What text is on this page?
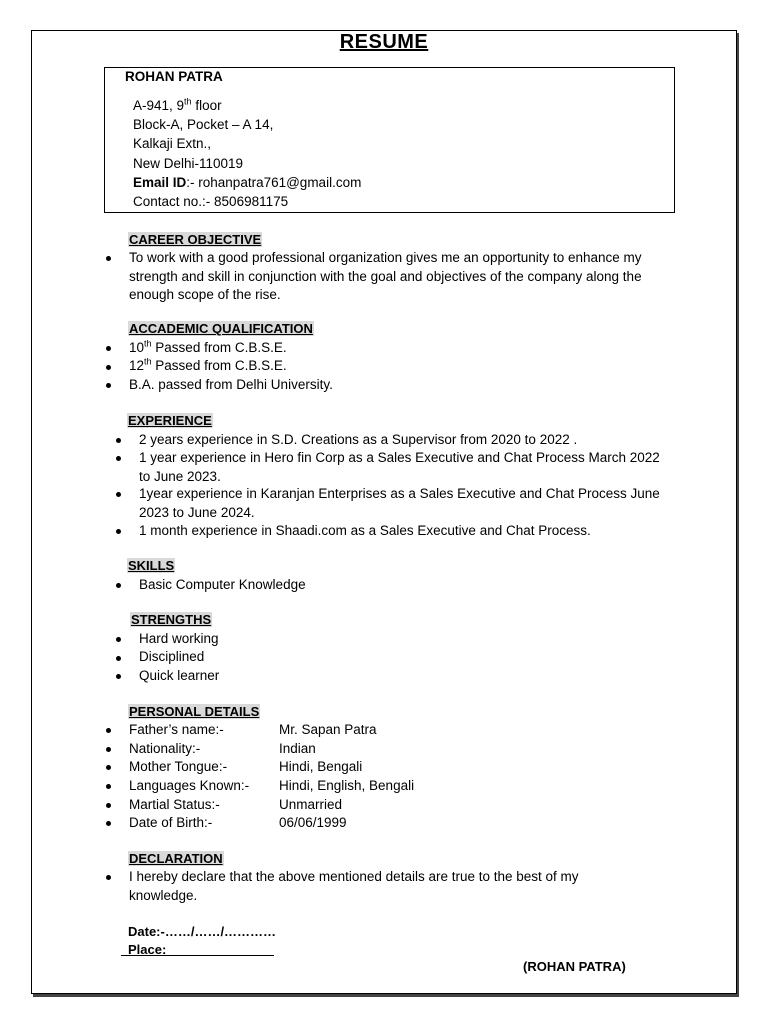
RESUME
ROHAN PATRA
A-941, 9th floor
Block-A, Pocket – A 14,
Kalkaji Extn.,
New Delhi-110019
Email ID:- rohanpatra761@gmail.com
Contact no.:- 8506981175
CAREER OBJECTIVE
To work with a good professional organization gives me an opportunity to enhance my
strength and skill in conjunction with the goal and objectives of the company along the
enough scope of the rise.
ACCADEMIC QUALIFICATION
10th Passed from C.B.S.E.
12th Passed from C.B.S.E.
B.A. passed from Delhi University.
EXPERIENCE
2 years experience in S.D. Creations as a Supervisor from 2020 to 2022 .
1 year experience in Hero fin Corp as a Sales Executive and Chat Process March 2022
to June 2023.
1year experience in Karanjan Enterprises as a Sales Executive and Chat Process June
2023 to June 2024.
1 month experience in Shaadi.com as a Sales Executive and Chat Process.
SKILLS
Basic Computer Knowledge
STRENGTHS
Hard working
Disciplined
Quick learner
PERSONAL DETAILS
Father’s name:-	Mr. Sapan Patra
Nationality:-	Indian
Mother Tongue:-	Hindi, Bengali
Languages Known:- Hindi, English, Bengali
Martial Status:-	Unmarried
Date of Birth:-	06/06/1999
DECLARATION
I hereby declare that the above mentioned details are true to the best of my
knowledge.
Date:-……/……/…………
Place:
(ROHAN PATRA)
